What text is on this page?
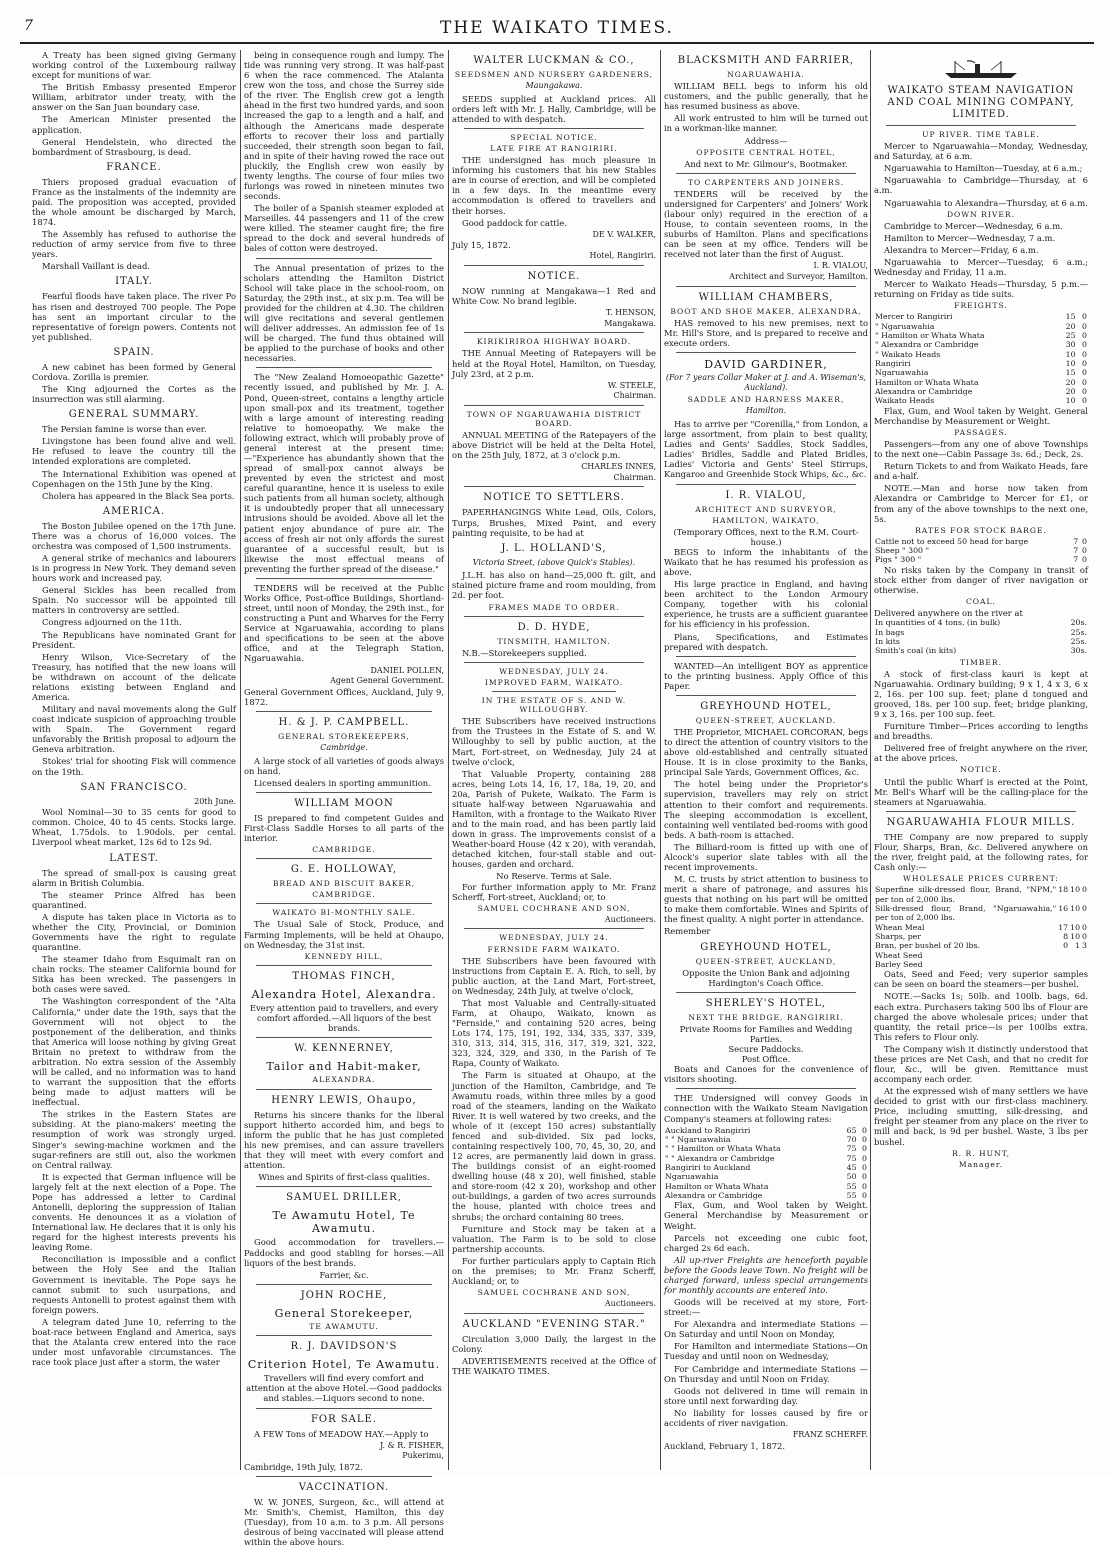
7	THE WAIKATO TIMES.

A Treaty has been signed giving Germany working control of the Luxembourg railway except for munitions of war.

The British Embassy presented Emperor William, arbitrator under treaty, with the answer on the San Juan boundary case.

The American Minister presented the application.

General Hendelstein, who directed the bombardment of Strasbourg, is dead.

FRANCE.

Thiers proposed gradual evacuation of France as the instalments of the indemnity are paid. The proposition was accepted, provided the whole amount be discharged by March, 1874.

The Assembly has refused to authorise the reduction of army service from five to three years.

Marshall Vaillant is dead.

ITALY.

Fearful floods have taken place. The river Po has risen and destroyed 700 people. The Pope has sent an important circular to the representative of foreign powers. Contents not yet published.

SPAIN.

A new cabinet has been formed by General Cordova. Zorilla is premier.

The King adjourned the Cortes as the insurrection was still alarming.

GENERAL SUMMARY.

The Persian famine is worse than ever.

Livingstone has been found alive and well. He refused to leave the country till the intended explorations are completed.

The International Exhibition was opened at Copenhagen on the 15th June by the King.

Cholera has appeared in the Black Sea ports.

AMERICA.

The Boston Jubilee opened on the 17th June. There was a chorus of 16,000 voices. The orchestra was composed of 1,500 instruments.

A general strike of mechanics and labourers is in progress in New York. They demand seven hours work and increased pay.

General Sickles has been recalled from Spain. No successor will be appointed till matters in controversy are settled.

Congress adjourned on the 11th.

The Republicans have nominated Grant for President.

Henry Wilson, Vice-Secretary of the Treasury, has notified that the new loans will be withdrawn on account of the delicate relations existing between England and America.

Military and naval movements along the Gulf coast indicate suspicion of approaching trouble with Spain. The Government regard unfavorably the British proposal to adjourn the Geneva arbitration.

Stokes' trial for shooting Fisk will commence on the 19th.

SAN FRANCISCO.
20th June.

Wool Nominal—30 to 35 cents for good to common. Choice, 40 to 45 cents. Stocks large. Wheat, 1.75dols. to 1.90dols. per cental. Liverpool wheat market, 12s 6d to 12s 9d.

LATEST.

The spread of small-pox is causing great alarm in British Columbia.

The steamer Prince Alfred has been quarantined.

A dispute has taken place in Victoria as to whether the City, Provincial, or Dominion Governments have the right to regulate quarantine.

The steamer Idaho from Esquimalt ran on chain rocks. The steamer California bound for Sitka has been wrecked. The passengers in both cases were saved.

The Washington correspondent of the "Alta California," under date the 19th, says that the Government will not object to the postponement of the deliberation, and thinks that America will loose nothing by giving Great Britain no pretext to withdraw from the arbitration. No extra session of the Assembly will be called, and no information was to hand to warrant the supposition that the efforts being made to adjust matters will be ineffectual.

The strikes in the Eastern States are subsiding. At the piano-makers' meeting the resumption of work was strongly urged. Singer's sewing-machine workmen and the sugar-refiners are still out, also the workmen on Central railway.

It is expected that German influence will be largely felt at the next election of a Pope. The Pope has addressed a letter to Cardinal Antonelli, deploring the suppression of Italian convents. He denounces it as a violation of International law. He declares that it is only his regard for the highest interests prevents his leaving Rome.

Reconciliation is impossible and a conflict between the Holy See and the Italian Government is inevitable. The Pope says he cannot submit to such usurpations, and requests Antonelli to protest against them with foreign powers.

A telegram dated June 10, referring to the boat-race between England and America, says that the Atalanta crew entered into the race under most unfavorable circumstances. The race took place just after a storm, the water

being in consequence rough and lumpy. The tide was running very strong. It was half-past 6 when the race commenced. The Atalanta crew won the toss, and chose the Surrey side of the river. The English crew got a length ahead in the first two hundred yards, and soon increased the gap to a length and a half, and although the Americans made desperate efforts to recover their loss and partially succeeded, their strength soon began to fail, and in spite of their having rowed the race out pluckily, the English crew won easily by twenty lengths. The course of four miles two furlongs was rowed in nineteen minutes two seconds.

The boiler of a Spanish steamer exploded at Marseilles. 44 passengers and 11 of the crew were killed. The steamer caught fire; the fire spread to the dock and several hundreds of bales of cotton were destroyed.

The Annual presentation of prizes to the scholars attending the Hamilton District School will take place in the school-room, on Saturday, the 29th inst., at six p.m. Tea will be provided for the children at 4.30. The children will give recitations and several gentlemen will deliver addresses. An admission fee of 1s will be charged. The fund thus obtained will be applied to the purchase of books and other necessaries.

The "New Zealand Homoeopathic Gazette" recently issued, and published by Mr. J. A. Pond, Queen-street, contains a lengthy article upon small-pox and its treatment, together with a large amount of interesting reading relative to homoeopathy. We make the following extract, which will probably prove of general interest at the present time:—"Experience has abundantly shown that the spread of small-pox cannot always be prevented by even the strictest and most careful quarantine, hence it is useless to exile such patients from all human society, although it is undoubtedly proper that all unnecessary intrusions should be avoided. Above all let the patient enjoy abundance of pure air. The access of fresh air not only affords the surest guarantee of a successful result, but is likewise the most effectual means of preventing the further spread of the disease."

TENDERS will be received at the Public Works Office, Post-office Buildings, Shortland-street, until noon of Monday, the 29th inst., for constructing a Punt and Wharves for the Ferry Service at Ngaruawahia, according to plans and specifications to be seen at the above office, and at the Telegraph Station, Ngaruawahia.

DANIEL POLLEN,
Agent General Government.
General Government Offices, Auckland, July 9, 1872.
H. & J. P. CAMPBELL.
GENERAL STOREKEEPERS,
Cambridge.

A large stock of all varieties of goods always on hand.

Licensed dealers in sporting ammunition.

WILLIAM MOON

IS prepared to find competent Guides and First-Class Saddle Horses to all parts of the interior.

CAMBRIDGE.
G. E. HOLLOWAY,
BREAD AND BISCUIT BAKER,
CAMBRIDGE.
WAIKATO BI-MONTHLY SALE.

The Usual Sale of Stock, Produce, and Farming Implements, will be held at Ohaupo, on Wednesday, the 31st inst.

KENNEDY HILL,
THOMAS FINCH,
Alexandra Hotel, Alexandra.
Every attention paid to travellers, and every comfort afforded.—All liquors of the best brands.
W. KENNERNEY,
Tailor and Habit-maker,
ALEXANDRA.
HENRY LEWIS, Ohaupo,

Returns his sincere thanks for the liberal support hitherto accorded him, and begs to inform the public that he has just completed his new premises, and can assure travellers that they will meet with every comfort and attention.

Wines and Spirits of first-class qualities.
SAMUEL DRILLER,
Te Awamutu Hotel, Te Awamutu.

Good accommodation for travellers.—Paddocks and good stabling for horses.—All liquors of the best brands.

Farrier, &c.
JOHN ROCHE,
General Storekeeper,
TE AWAMUTU.
R. J. DAVIDSON'S
Criterion Hotel, Te Awamutu.
Travellers will find every comfort and attention at the above Hotel.—Good paddocks and stables.—Liquors second to none.
FOR SALE.

A FEW Tons of MEADOW HAY.—Apply to

J. & R. FISHER,
Pukerimu,
Cambridge, 19th July, 1872.
VACCINATION.

W. W. JONES, Surgeon, &c., will attend at Mr. Smith's, Chemist, Hamilton, this day (Tuesday), from 10 a.m. to 3 p.m. All persons desirous of being vaccinated will please attend within the above hours.

WALTER LUCKMAN & CO.,
SEEDSMEN AND NURSERY GARDENERS,
Maungakawa.

SEEDS supplied at Auckland prices. All orders left with Mr. J. Hally, Cambridge, will be attended to with despatch.

SPECIAL NOTICE.
LATE FIRE AT RANGIRIRI.

THE undersigned has much pleasure in informing his customers that his new Stables are in course of erection, and will be completed in a few days. In the meantime every accommodation is offered to travellers and their horses.

Good paddock for cattle.

DE V. WALKER,
July 15, 1872.
Hotel, Rangiriri.
NOTICE.

NOW running at Mangakawa—1 Red and White Cow. No brand legible.

T. HENSON,
Mangakawa.
KIRIKIRIROA HIGHWAY BOARD.

THE Annual Meeting of Ratepayers will be held at the Royal Hotel, Hamilton, on Tuesday, July 23rd, at 2 p.m.

W. STEELE,
Chairman.
TOWN OF NGARUAWAHIA DISTRICT BOARD.

ANNUAL MEETING of the Ratepayers of the above District will be held at the Delta Hotel, on the 25th July, 1872, at 3 o'clock p.m.

CHARLES INNES,
Chairman.
NOTICE TO SETTLERS.

PAPERHANGINGS White Lead, Oils, Colors, Turps, Brushes, Mixed Paint, and every painting requisite, to be had at

J. L. HOLLAND'S,
Victoria Street, (above Quick's Stables).

J.L.H. has also on hand—25,000 ft. gilt, and stained picture frame and room moulding, from 2d. per foot.

FRAMES MADE TO ORDER.
D. D. HYDE,
TINSMITH, HAMILTON.

N.B.—Storekeepers supplied.

WEDNESDAY, JULY 24.
IMPROVED FARM, WAIKATO.
IN THE ESTATE OF S. AND W. WILLOUGHBY.

THE Subscribers have received instructions from the Trustees in the Estate of S. and W. Willoughby to sell by public auction, at the Mart, Fort-street, on Wednesday, July 24 at twelve o'clock,

That Valuable Property, containing 288 acres, being Lots 14, 16, 17, 18a, 19, 20, and 20a, Parish of Pukete, Waikato. The Farm is situate half-way between Ngaruawahia and Hamilton, with a frontage to the Waikato River and to the main road, and has been partly laid down in grass. The improvements consist of a Weather-board House (42 x 20), with verandah, detached kitchen, four-stall stable and out-houses, garden and orchard.

No Reserve. Terms at Sale.

For further information apply to Mr. Franz Scherff, Fort-street, Auckland; or, to

SAMUEL COCHRANE AND SON,
Auctioneers.
WEDNESDAY, JULY 24.
FERNSIDE FARM WAIKATO.

THE Subscribers have been favoured with instructions from Captain E. A. Rich, to sell, by public auction, at the Land Mart, Fort-street, on Wednesday, 24th July, at twelve o'clock,

That most Valuable and Centrally-situated Farm, at Ohaupo, Waikato, known as "Fernside," and containing 520 acres, being Lots 174, 175, 191, 192, 334, 335, 337, 339, 310, 313, 314, 315, 316, 317, 319, 321, 322, 323, 324, 329, and 330, in the Parish of Te Rapa, County of Waikato.

The Farm is situated at Ohaupo, at the junction of the Hamilton, Cambridge, and Te Awamutu roads, within three miles by a good road of the steamers, landing on the Waikato River. It is well watered by two creeks, and the whole of it (except 150 acres) substantially fenced and sub-divided. Six pad locks, containing respectively 100, 70, 45, 30, 20, and 12 acres, are permanently laid down in grass. The buildings consist of an eight-roomed dwelling house (48 x 20), well finished, stable and store-room (42 x 20), workshop and other out-buildings, a garden of two acres surrounds the house, planted with choice trees and shrubs; the orchard containing 80 trees.

Furniture and Stock may be taken at a valuation. The Farm is to be sold to close partnership accounts.

For further particulars apply to Captain Rich on the premises; to Mr. Franz Scherff, Auckland; or, to

SAMUEL COCHRANE AND SON,
Auctioneers.
AUCKLAND "EVENING STAR."

Circulation 3,000 Daily, the largest in the Colony.

ADVERTISEMENTS received at the Office of THE WAIKATO TIMES.

BLACKSMITH AND FARRIER,
NGARUAWAHIA.

WILLIAM BELL begs to inform his old customers, and the public generally, that he has resumed business as above.

All work entrusted to him will be turned out in a workman-like manner.

Address—
OPPOSITE CENTRAL HOTEL,
And next to Mr. Gilmour's, Bootmaker.
TO CARPENTERS AND JOINERS.

TENDERS will be received by the undersigned for Carpenters' and Joiners' Work (labour only) required in the erection of a House, to contain seventeen rooms, in the suburbs of Hamilton. Plans and specifications can be seen at my office. Tenders will be received not later than the first of August.

I. R. VIALOU,
Architect and Surveyor, Hamilton.
WILLIAM CHAMBERS,
BOOT AND SHOE MAKER, ALEXANDRA,

HAS removed to his new premises, next to Mr. Hill's Store, and is prepared to receive and execute orders.

DAVID GARDINER,
(For 7 years Collar Maker at J. and A. Wiseman's, Auckland).
SADDLE AND HARNESS MAKER,
Hamilton.

Has to arrive per "Corenilla," from London, a large assortment, from plain to best quality, Ladies and Gents' Saddles, Stock Saddles, Ladies' Bridles, Saddle and Plated Bridles, Ladies' Victoria and Gents' Steel Stirrups, Kangaroo and Greenhide Stock Whips, &c., &c.

I. R. VIALOU,
ARCHITECT AND SURVEYOR,
HAMILTON, WAIKATO,
(Temporary Offices, next to the R.M. Court-house.)

BEGS to inform the inhabitants of the Waikato that he has resumed his profession as above.

His large practice in England, and having been architect to the London Armoury Company, together with his colonial experience, he trusts are a sufficient guarantee for his efficiency in his profession.

Plans, Specifications, and Estimates prepared with despatch.

WANTED—An intelligent BOY as apprentice to the printing business. Apply Office of this Paper.

GREYHOUND HOTEL,
QUEEN-STREET, AUCKLAND.

THE Proprietor, MICHAEL CORCORAN, begs to direct the attention of country visitors to the above old-established and centrally situated House. It is in close proximity to the Banks, principal Sale Yards, Government Offices, &c.

The hotel being under the Proprietor's supervision, travellers may rely on strict attention to their comfort and requirements. The sleeping accommodation is excellent, containing well ventilated bed-rooms with good beds. A bath-room is attached.

The Billiard-room is fitted up with one of Alcock's superior slate tables with all the recent improvements.

M. C. trusts by strict attention to business to merit a share of patronage, and assures his guests that nothing on his part will be omitted to make them comfortable. Wines and Spirits of the finest quality. A night porter in attendance.

Remember
GREYHOUND HOTEL,
QUEEN-STREET, AUCKLAND,
Opposite the Union Bank and adjoining Hardington's Coach Office.
SHERLEY'S HOTEL,
NEXT THE BRIDGE, RANGIRIRI.
Private Rooms for Families and Wedding Parties.
Secure Paddocks.
Post Office.

Boats and Canoes for the convenience of visitors shooting.

THE Undersigned will convey Goods in connection with the Waikato Steam Navigation Company's steamers at following rates:

Auckland to Rangiriri	65	0
" " Ngaruawahia	70	0
" " Hamilton or Whata Whata	75	0
" " Alexandra or Cambridge	75	0
Rangiriri to Auckland	45	0
Ngaruawahia	50	0
Hamilton or Whata Whata	55	0
Alexandra or Cambridge	55	0

Flax, Gum, and Wool taken by Weight. General Merchandise by Measurement or Weight.

Parcels not exceeding one cubic foot, charged 2s 6d each.

All up-river Freights are henceforth payable before the Goods leave Town. No freight will be charged forward, unless special arrangements for monthly accounts are entered into.

Goods will be received at my store, Fort-street:—

For Alexandra and intermediate Stations — On Saturday and until Noon on Monday,

For Hamilton and intermediate Stations—On Tuesday and until noon on Wednesday,

For Cambridge and intermediate Stations — On Thursday and until Noon on Friday.

Goods not delivered in time will remain in store until next forwarding day.

No liability for losses caused by fire or accidents of river navigation.

FRANZ SCHERFF.
Auckland, February 1, 1872.
WAIKATO STEAM NAVIGATION AND COAL MINING COMPANY, LIMITED.
UP RIVER. TIME TABLE.

Mercer to Ngaruawahia—Monday, Wednesday, and Saturday, at 6 a.m.

Ngaruawahia to Hamilton—Tuesday, at 6 a.m.;

Ngaruawahia to Cambridge—Thursday, at 6 a.m.

Ngaruawahia to Alexandra—Thursday, at 6 a.m.

DOWN RIVER.

Cambridge to Mercer—Wednesday, 6 a.m.

Hamilton to Mercer—Wednesday, 7 a.m.

Alexandra to Mercer—Friday, 6 a.m.

Ngaruawahia to Mercer—Tuesday, 6 a.m.; Wednesday and Friday, 11 a.m.

Mercer to Waikato Heads—Thursday, 5 p.m.—returning on Friday as tide suits.

FREIGHTS.
Mercer to Rangiriri	15	0
" Ngaruawahia	20	0
" Hamilton or Whata Whata	25	0
" Alexandra or Cambridge	30	0
" Waikato Heads	10	0
Rangiriri	10	0
Ngaruawahia	15	0
Hamilton or Whata Whata	20	0
Alexandra or Cambridge	20	0
Waikato Heads	10	0

Flax, Gum, and Wool taken by Weight. General Merchandise by Measurement or Weight.

PASSAGES.

Passengers—from any one of above Townships to the next one—Cabin Passage 3s. 6d.; Deck, 2s.

Return Tickets to and from Waikato Heads, fare and a-half.

NOTE.—Man and horse now taken from Alexandra or Cambridge to Mercer for £1, or from any of the above townships to the next one, 5s.

RATES FOR STOCK BARGE.
Cattle not to exceed 50 head for barge	7	0
Sheep " 300 "	7	0
Pigs " 300 "	7	0

No risks taken by the Company in transit of stock either from danger of river navigation or otherwise.

COAL.
Delivered anywhere on the river at
In quantities of 4 tons, (in bulk)	20s.
In bags	25s.
In kits	25s.
Smith's coal (in kits)	30s.
TIMBER.

A stock of first-class kauri is kept at Ngaruawahia. Ordinary building; 9 x 1, 4 x 3, 6 x 2, 16s. per 100 sup. feet; plane d tongued and grooved, 18s. per 100 sup. feet; bridge planking, 9 x 3, 16s. per 100 sup. feet.

Furniture Timber—Prices according to lengths and breadths.

Delivered free of freight anywhere on the river, at the above prices.

NOTICE.

Until the public Wharf is erected at the Point, Mr. Bell's Wharf will be the calling-place for the steamers at Ngaruawahia.

NGARUAWAHIA FLOUR MILLS.

THE Company are now prepared to supply Flour, Sharps, Bran, &c. Delivered anywhere on the river, freight paid, at the following rates, for Cash only:—

WHOLESALE PRICES CURRENT:
Superfine silk-dressed flour, Brand, "NPM," per ton of 2,000 lbs.	18	10	0
Silk-dressed flour, Brand, "Ngaruawahia," per ton of 2,000 lbs.	16	10	0
Whean Meal	17	10	0
Sharps, per	8	10	0
Bran, per bushel of 20 lbs.	0	1	3
Wheat Seed			
Barley Seed			

Oats, Seed and Feed; very superior samples can be seen on board the steamers—per bushel.

NOTE.—Sacks 1s; 50lb. and 100lb. bags, 6d. each extra. Purchasers taking 500 lbs of Flour are charged the above wholesale prices; under that quantity, the retail price—is per 100lbs extra. This refers to Flour only.

The Company wish it distinctly understood that these prices are Net Cash, and that no credit for flour, &c., will be given. Remittance must accompany each order.

At the expressed wish of many settlers we have decided to grist with our first-class machinery. Price, including smutting, silk-dressing, and freight per steamer from any place on the river to mill and back, is 9d per bushel. Waste, 3 lbs per bushel.

R. R. HUNT,
Manager.
